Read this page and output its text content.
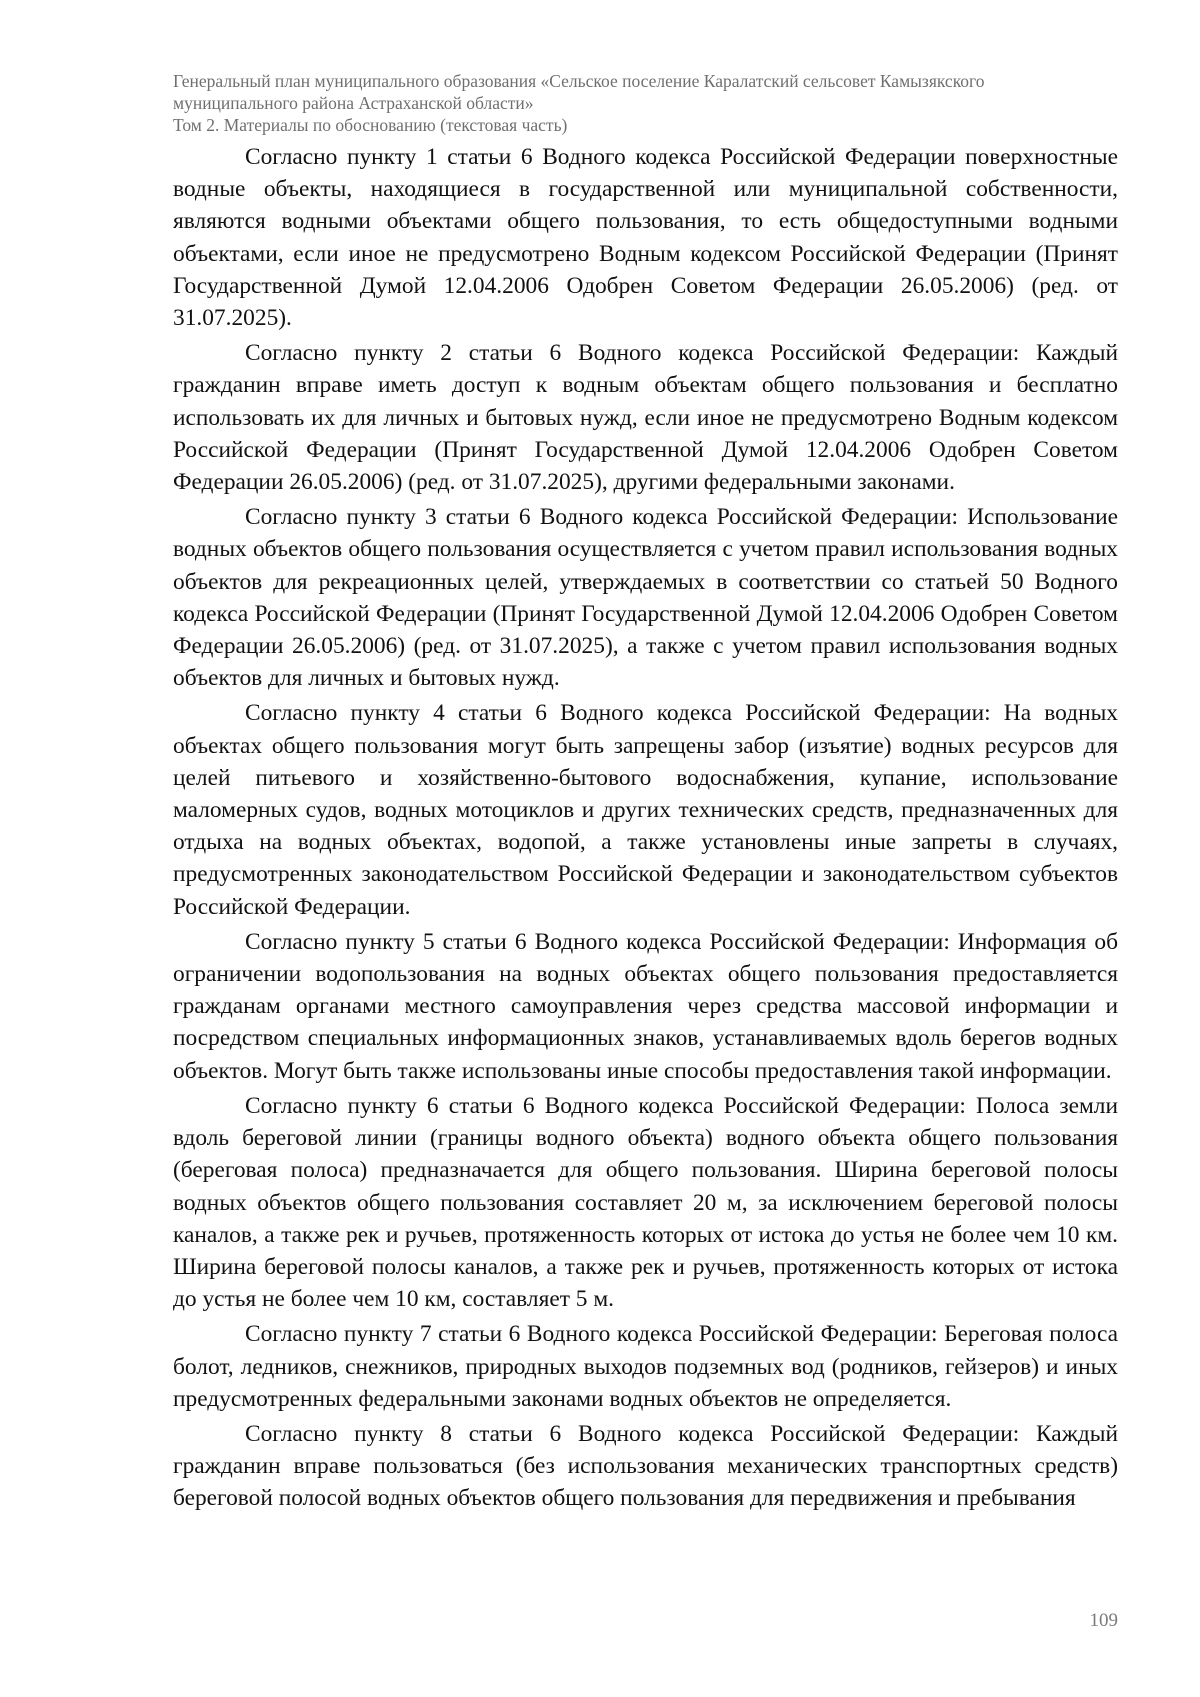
Генеральный план муниципального образования «Сельское поселение Каралатский сельсовет Камызякского
муниципального района Астраханской области»
Том 2. Материалы по обоснованию (текстовая часть)

Согласно пункту 1 статьи 6 Водного кодекса Российской Федерации поверхностные водные объекты, находящиеся в государственной или муниципальной собственности, являются водными объектами общего пользования, то есть общедоступными водными объектами, если иное не предусмотрено Водным кодексом Российской Федерации (Принят Государственной Думой 12.04.2006 Одобрен Советом Федерации 26.05.2006) (ред. от 31.07.2025).

Согласно пункту 2 статьи 6 Водного кодекса Российской Федерации: Каждый гражданин вправе иметь доступ к водным объектам общего пользования и бесплатно использовать их для личных и бытовых нужд, если иное не предусмотрено Водным кодексом Российской Федерации (Принят Государственной Думой 12.04.2006 Одобрен Советом Федерации 26.05.2006) (ред. от 31.07.2025), другими федеральными законами.

Согласно пункту 3 статьи 6 Водного кодекса Российской Федерации: Использование водных объектов общего пользования осуществляется с учетом правил использования водных объектов для рекреационных целей, утверждаемых в соответствии со статьей 50 Водного кодекса Российской Федерации (Принят Государственной Думой 12.04.2006 Одобрен Советом Федерации 26.05.2006) (ред. от 31.07.2025), а также с учетом правил использования водных объектов для личных и бытовых нужд.

Согласно пункту 4 статьи 6 Водного кодекса Российской Федерации: На водных объектах общего пользования могут быть запрещены забор (изъятие) водных ресурсов для целей питьевого и хозяйственно-бытового водоснабжения, купание, использование маломерных судов, водных мотоциклов и других технических средств, предназначенных для отдыха на водных объектах, водопой, а также установлены иные запреты в случаях, предусмотренных законодательством Российской Федерации и законодательством субъектов Российской Федерации.

Согласно пункту 5 статьи 6 Водного кодекса Российской Федерации: Информация об ограничении водопользования на водных объектах общего пользования предоставляется гражданам органами местного самоуправления через средства массовой информации и посредством специальных информационных знаков, устанавливаемых вдоль берегов водных объектов. Могут быть также использованы иные способы предоставления такой информации.

Согласно пункту 6 статьи 6 Водного кодекса Российской Федерации: Полоса земли вдоль береговой линии (границы водного объекта) водного объекта общего пользования (береговая полоса) предназначается для общего пользования. Ширина береговой полосы водных объектов общего пользования составляет 20 м, за исключением береговой полосы каналов, а также рек и ручьев, протяженность которых от истока до устья не более чем 10 км. Ширина береговой полосы каналов, а также рек и ручьев, протяженность которых от истока до устья не более чем 10 км, составляет 5 м.

Согласно пункту 7 статьи 6 Водного кодекса Российской Федерации: Береговая полоса болот, ледников, снежников, природных выходов подземных вод (родников, гейзеров) и иных предусмотренных федеральными законами водных объектов не определяется.

Согласно пункту 8 статьи 6 Водного кодекса Российской Федерации: Каждый гражданин вправе пользоваться (без использования механических транспортных средств) береговой полосой водных объектов общего пользования для передвижения и пребывания

109
